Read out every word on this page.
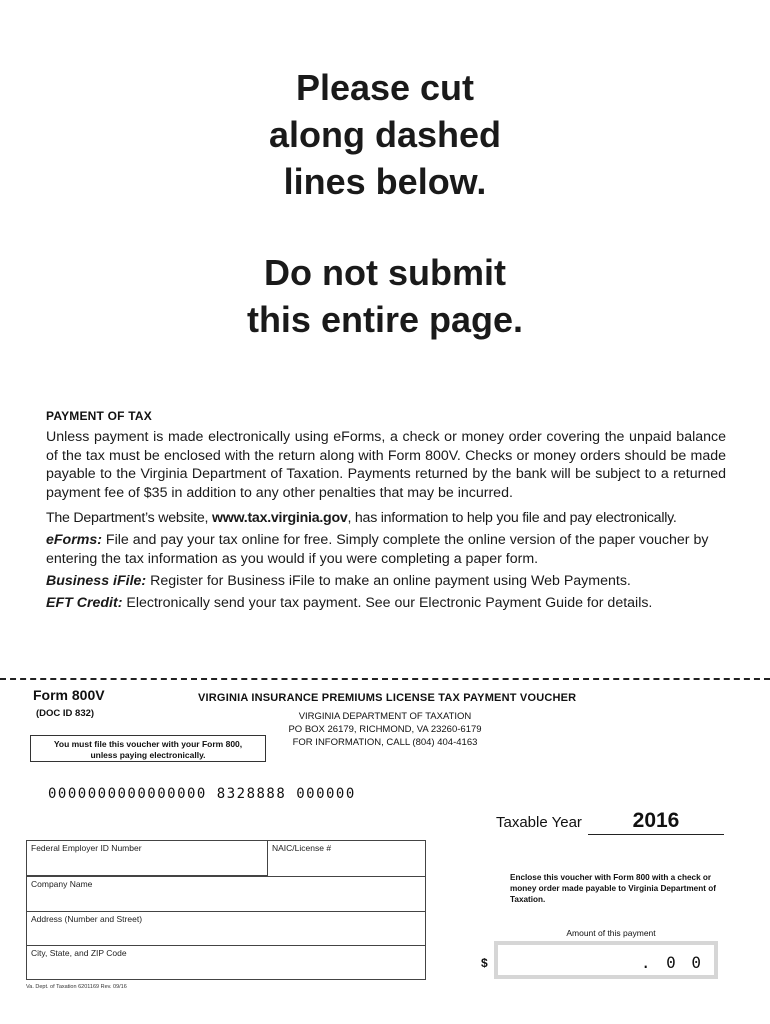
Please cut
along dashed
lines below.
Do not submit
this entire page.
PAYMENT OF TAX
Unless payment is made electronically using eForms, a check or money order covering the unpaid balance of the tax must be enclosed with the return along with Form 800V. Checks or money orders should be made payable to the Virginia Department of Taxation. Payments returned by the bank will be subject to a returned payment fee of $35 in addition to any other penalties that may be incurred.
The Department’s website, www.tax.virginia.gov, has information to help you file and pay electronically.
eForms: File and pay your tax online for free. Simply complete the online version of the paper voucher by entering the tax information as you would if you were completing a paper form.
Business iFile: Register for Business iFile to make an online payment using Web Payments.
EFT Credit: Electronically send your tax payment. See our Electronic Payment Guide for details.
Form 800V
(DOC ID 832)
VIRGINIA INSURANCE PREMIUMS LICENSE TAX PAYMENT VOUCHER
VIRGINIA DEPARTMENT OF TAXATION
PO BOX 26179, RICHMOND, VA 23260-6179
FOR INFORMATION, CALL (804) 404-4163
You must file this voucher with your Form 800,
unless paying electronically.
0000000000000000 8328888 000000
Taxable Year	2016
Federal Employer ID Number	NAIC/License #
Company Name
Address (Number and Street)
City, State, and ZIP Code
Enclose this voucher with Form 800 with a check or money order made payable to Virginia Department of Taxation.
Amount of this payment
$	. 0 0
Va. Dept. of Taxation 6201169 Rev. 09/16
